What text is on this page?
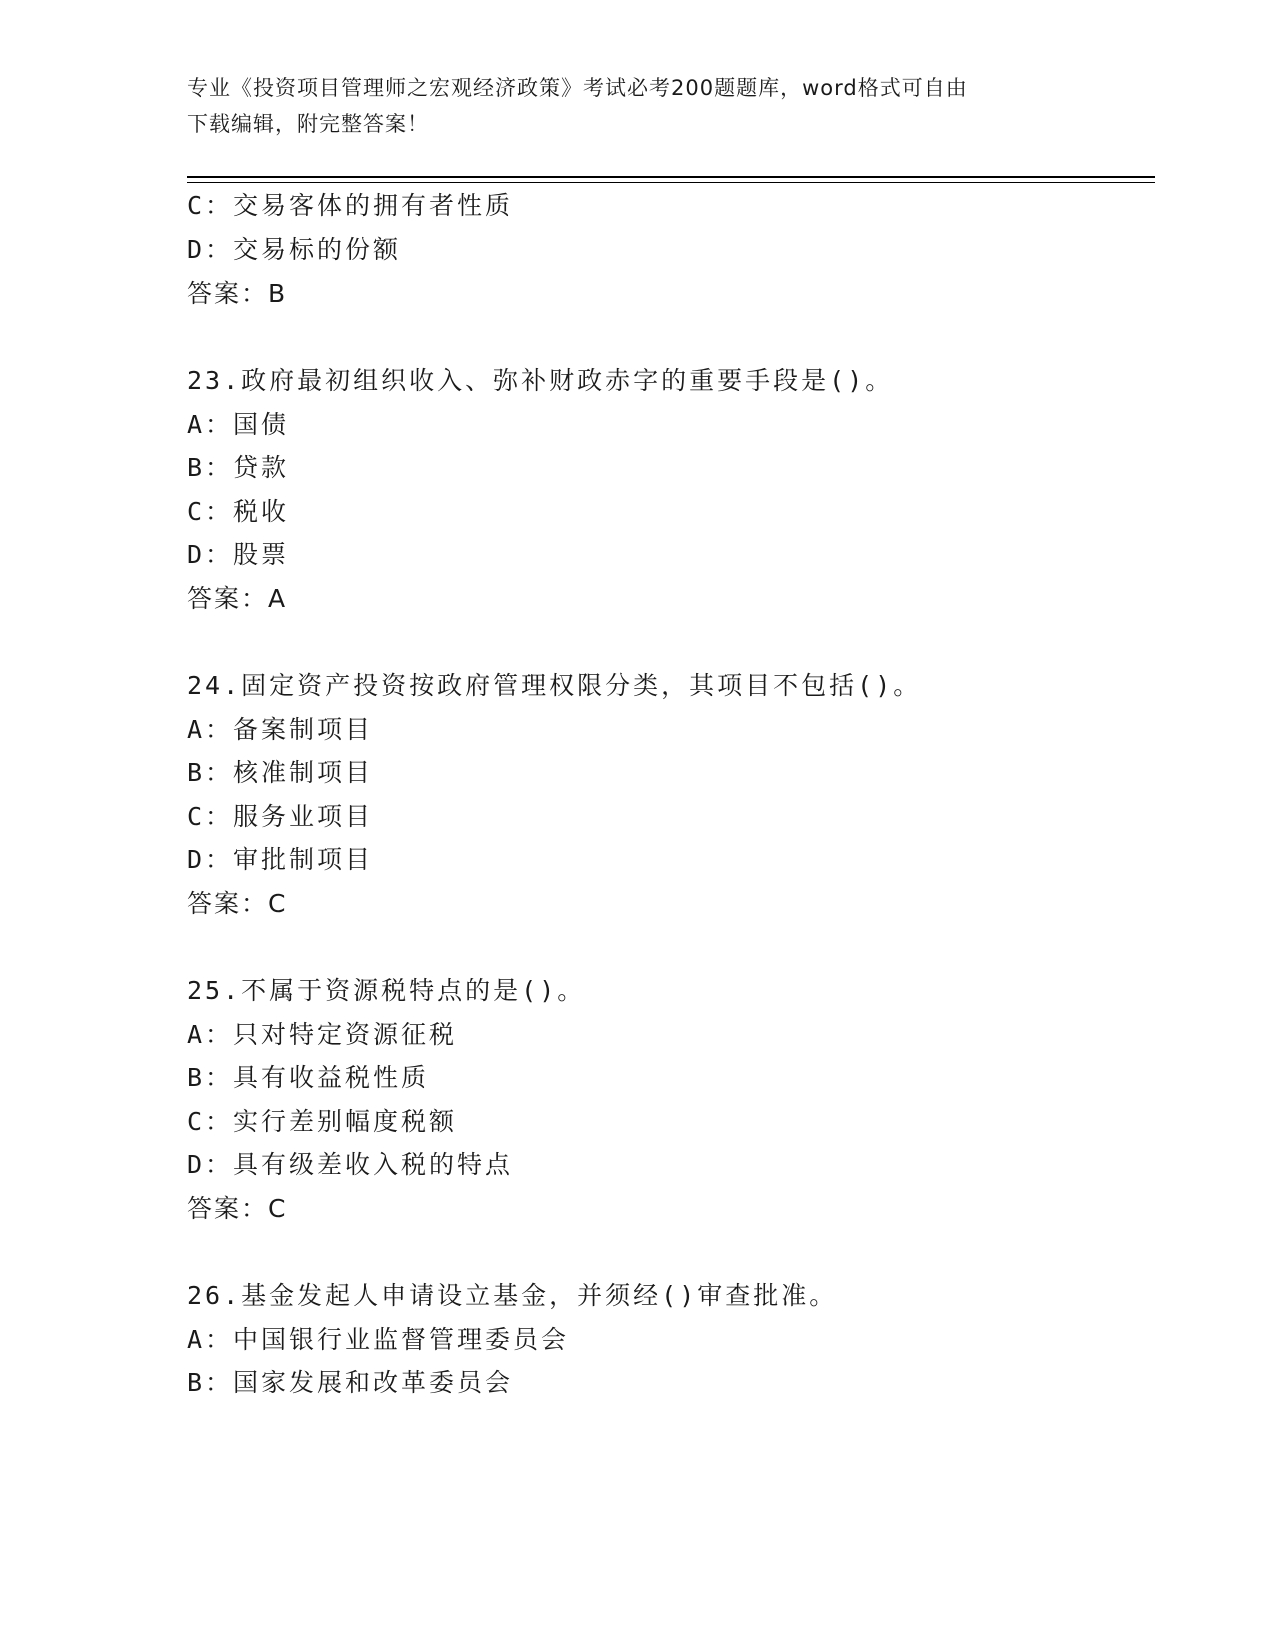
专业《投资项目管理师之宏观经济政策》考试必考200题题库，word格式可自由
下载编辑，附完整答案！
C：交易客体的拥有者性质
D：交易标的份额
答案：B
23.政府最初组织收入、弥补财政赤字的重要手段是()。
A：国债
B：贷款
C：税收
D：股票
答案：A
24.固定资产投资按政府管理权限分类，其项目不包括()。
A：备案制项目
B：核准制项目
C：服务业项目
D：审批制项目
答案：C
25.不属于资源税特点的是()。
A：只对特定资源征税
B：具有收益税性质
C：实行差别幅度税额
D：具有级差收入税的特点
答案：C
26.基金发起人申请设立基金，并须经()审查批准。
A：中国银行业监督管理委员会
B：国家发展和改革委员会
